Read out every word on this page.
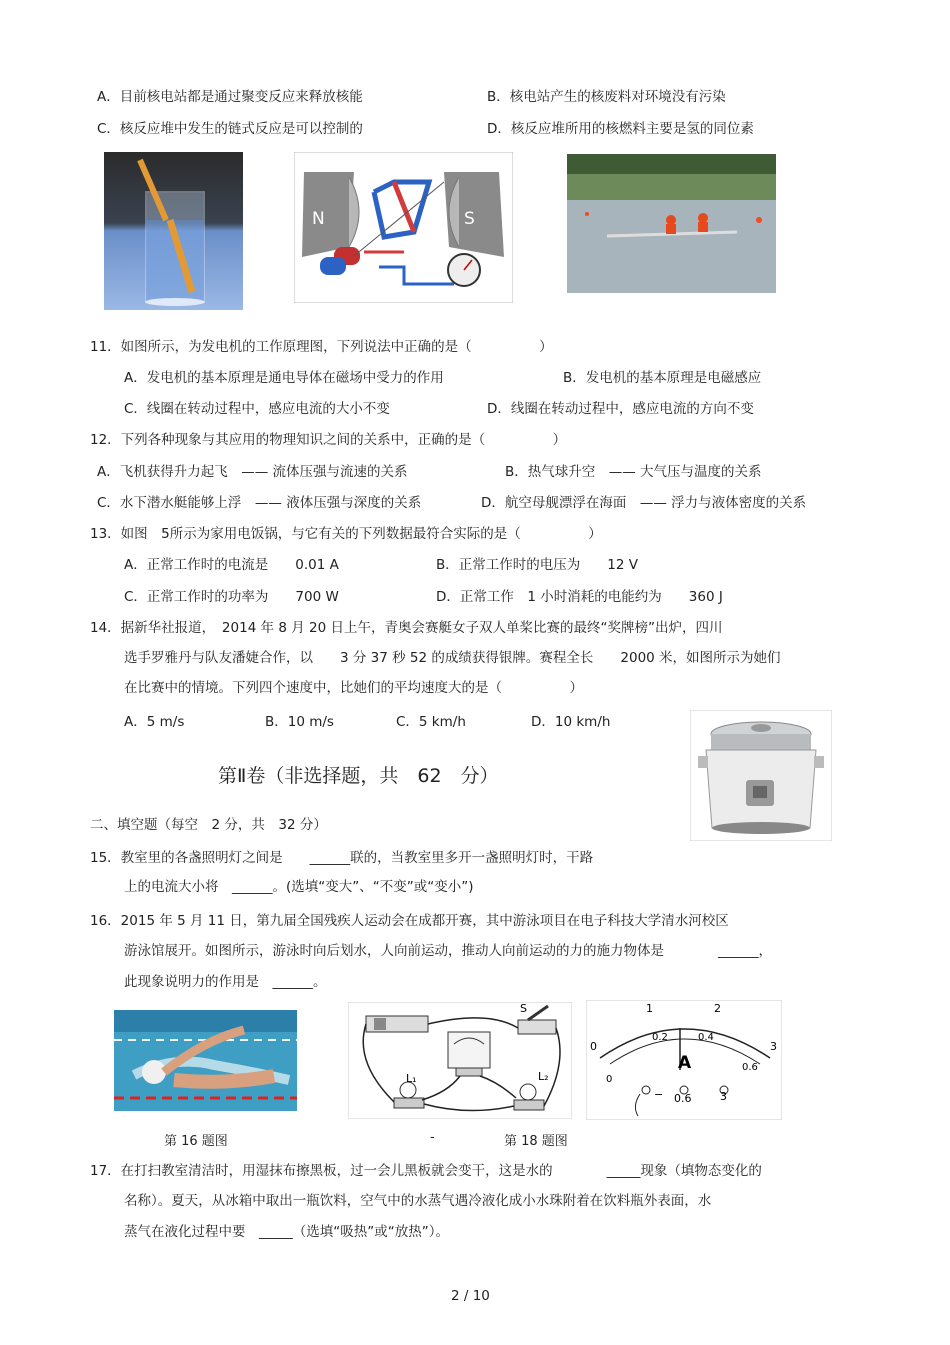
A．目前核电站都是通过聚变反应来释放核能	B．核电站产生的核废料对环境没有污染
C．核反应堆中发生的链式反应是可以控制的	D．核反应堆所用的核燃料主要是氢的同位素
N	S
11．如图所示，为发电机的工作原理图，下列说法中正确的是（　　　　　）
A．发电机的基本原理是通电导体在磁场中受力的作用	B．发电机的基本原理是电磁感应
C．线圈在转动过程中，感应电流的大小不变	D．线圈在转动过程中，感应电流的方向不变
12．下列各种现象与其应用的物理知识之间的关系中，正确的是（　　　　　）
A．飞机获得升力起飞　—— 流体压强与流速的关系	B．热气球升空　—— 大气压与温度的关系
C．水下潜水艇能够上浮　—— 液体压强与深度的关系	D．航空母舰漂浮在海面　—— 浮力与液体密度的关系
13．如图　5所示为家用电饭锅，与它有关的下列数据最符合实际的是（　　　　　）
A．正常工作时的电流是　　0.01 A	B．正常工作时的电压为　　12 V
C．正常工作时的功率为　　700 W	D．正常工作　1 小时消耗的电能约为　　360 J
14．据新华社报道，　2014 年 8 月 20 日上午，青奥会赛艇女子双人单桨比赛的最终“奖牌榜”出炉，四川
选手罗雅丹与队友潘婕合作，以　　3 分 37 秒 52 的成绩获得银牌。赛程全长　　2000 米，如图所示为她们
在比赛中的情境。下列四个速度中，比她们的平均速度大的是（　　　　　）
A．5 m/s	B．10 m/s	C．5 km/h	D．10 km/h
第Ⅱ卷（非选择题，共　62　分）
二、填空题（每空　2 分，共　32 分）
15．教室里的各盏照明灯之间是　　______联的，当教室里多开一盏照明灯时，干路
上的电流大小将　______。(选填“变大”、“不变”或“变小”)
16．2015 年 5 月 11 日，第九届全国残疾人运动会在成都开赛，其中游泳项目在电子科技大学清水河校区
游泳馆展开。如图所示，游泳时向后划水，人向前运动，推动人向前运动的力的施力物体是　　　　______，
此现象说明力的作用是　______。
S
L₁	L₂
0
1	2
3
0
0.2	0.4
0.6
A
− 0.6	3
第 16 题图	-	第 18 题图
17．在打扫教室清洁时，用湿抹布擦黑板，过一会儿黑板就会变干，这是水的　　　　_____现象（填物态变化的
名称）。夏天，从冰箱中取出一瓶饮料，空气中的水蒸气遇冷液化成小水珠附着在饮料瓶外表面，水
蒸气在液化过程中要　_____（选填“吸热”或“放热”）。
2 / 10
